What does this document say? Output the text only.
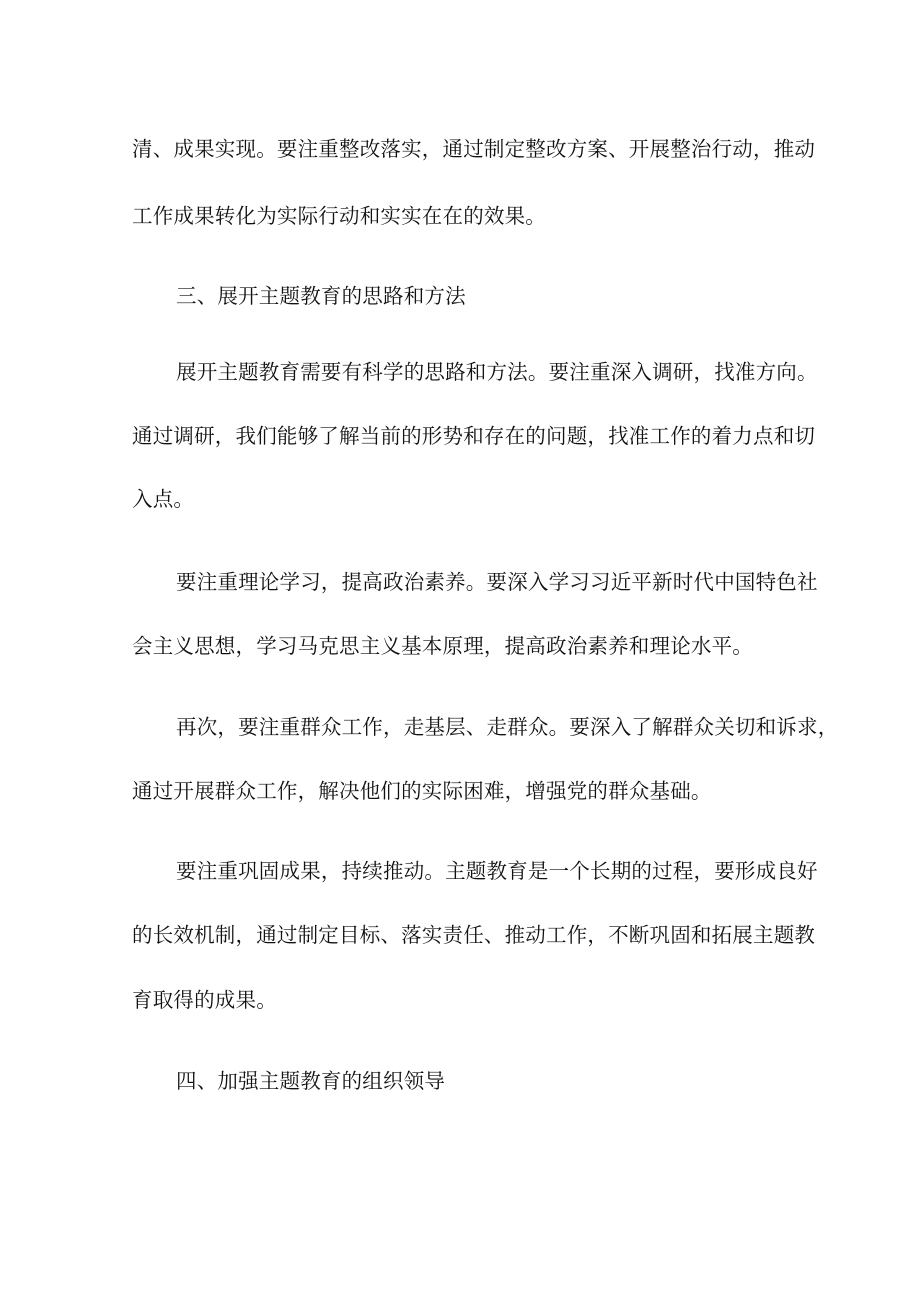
清、成果实现。要注重整改落实，通过制定整改方案、开展整治行动，推动
工作成果转化为实际行动和实实在在的效果。
三、展开主题教育的思路和方法
展开主题教育需要有科学的思路和方法。要注重深入调研，找准方向。
通过调研，我们能够了解当前的形势和存在的问题，找准工作的着力点和切
入点。
要注重理论学习，提高政治素养。要深入学习习近平新时代中国特色社
会主义思想，学习马克思主义基本原理，提高政治素养和理论水平。
再次，要注重群众工作，走基层、走群众。要深入了解群众关切和诉求，
通过开展群众工作，解决他们的实际困难，增强党的群众基础。
要注重巩固成果，持续推动。主题教育是一个长期的过程，要形成良好
的长效机制，通过制定目标、落实责任、推动工作，不断巩固和拓展主题教
育取得的成果。
四、加强主题教育的组织领导
